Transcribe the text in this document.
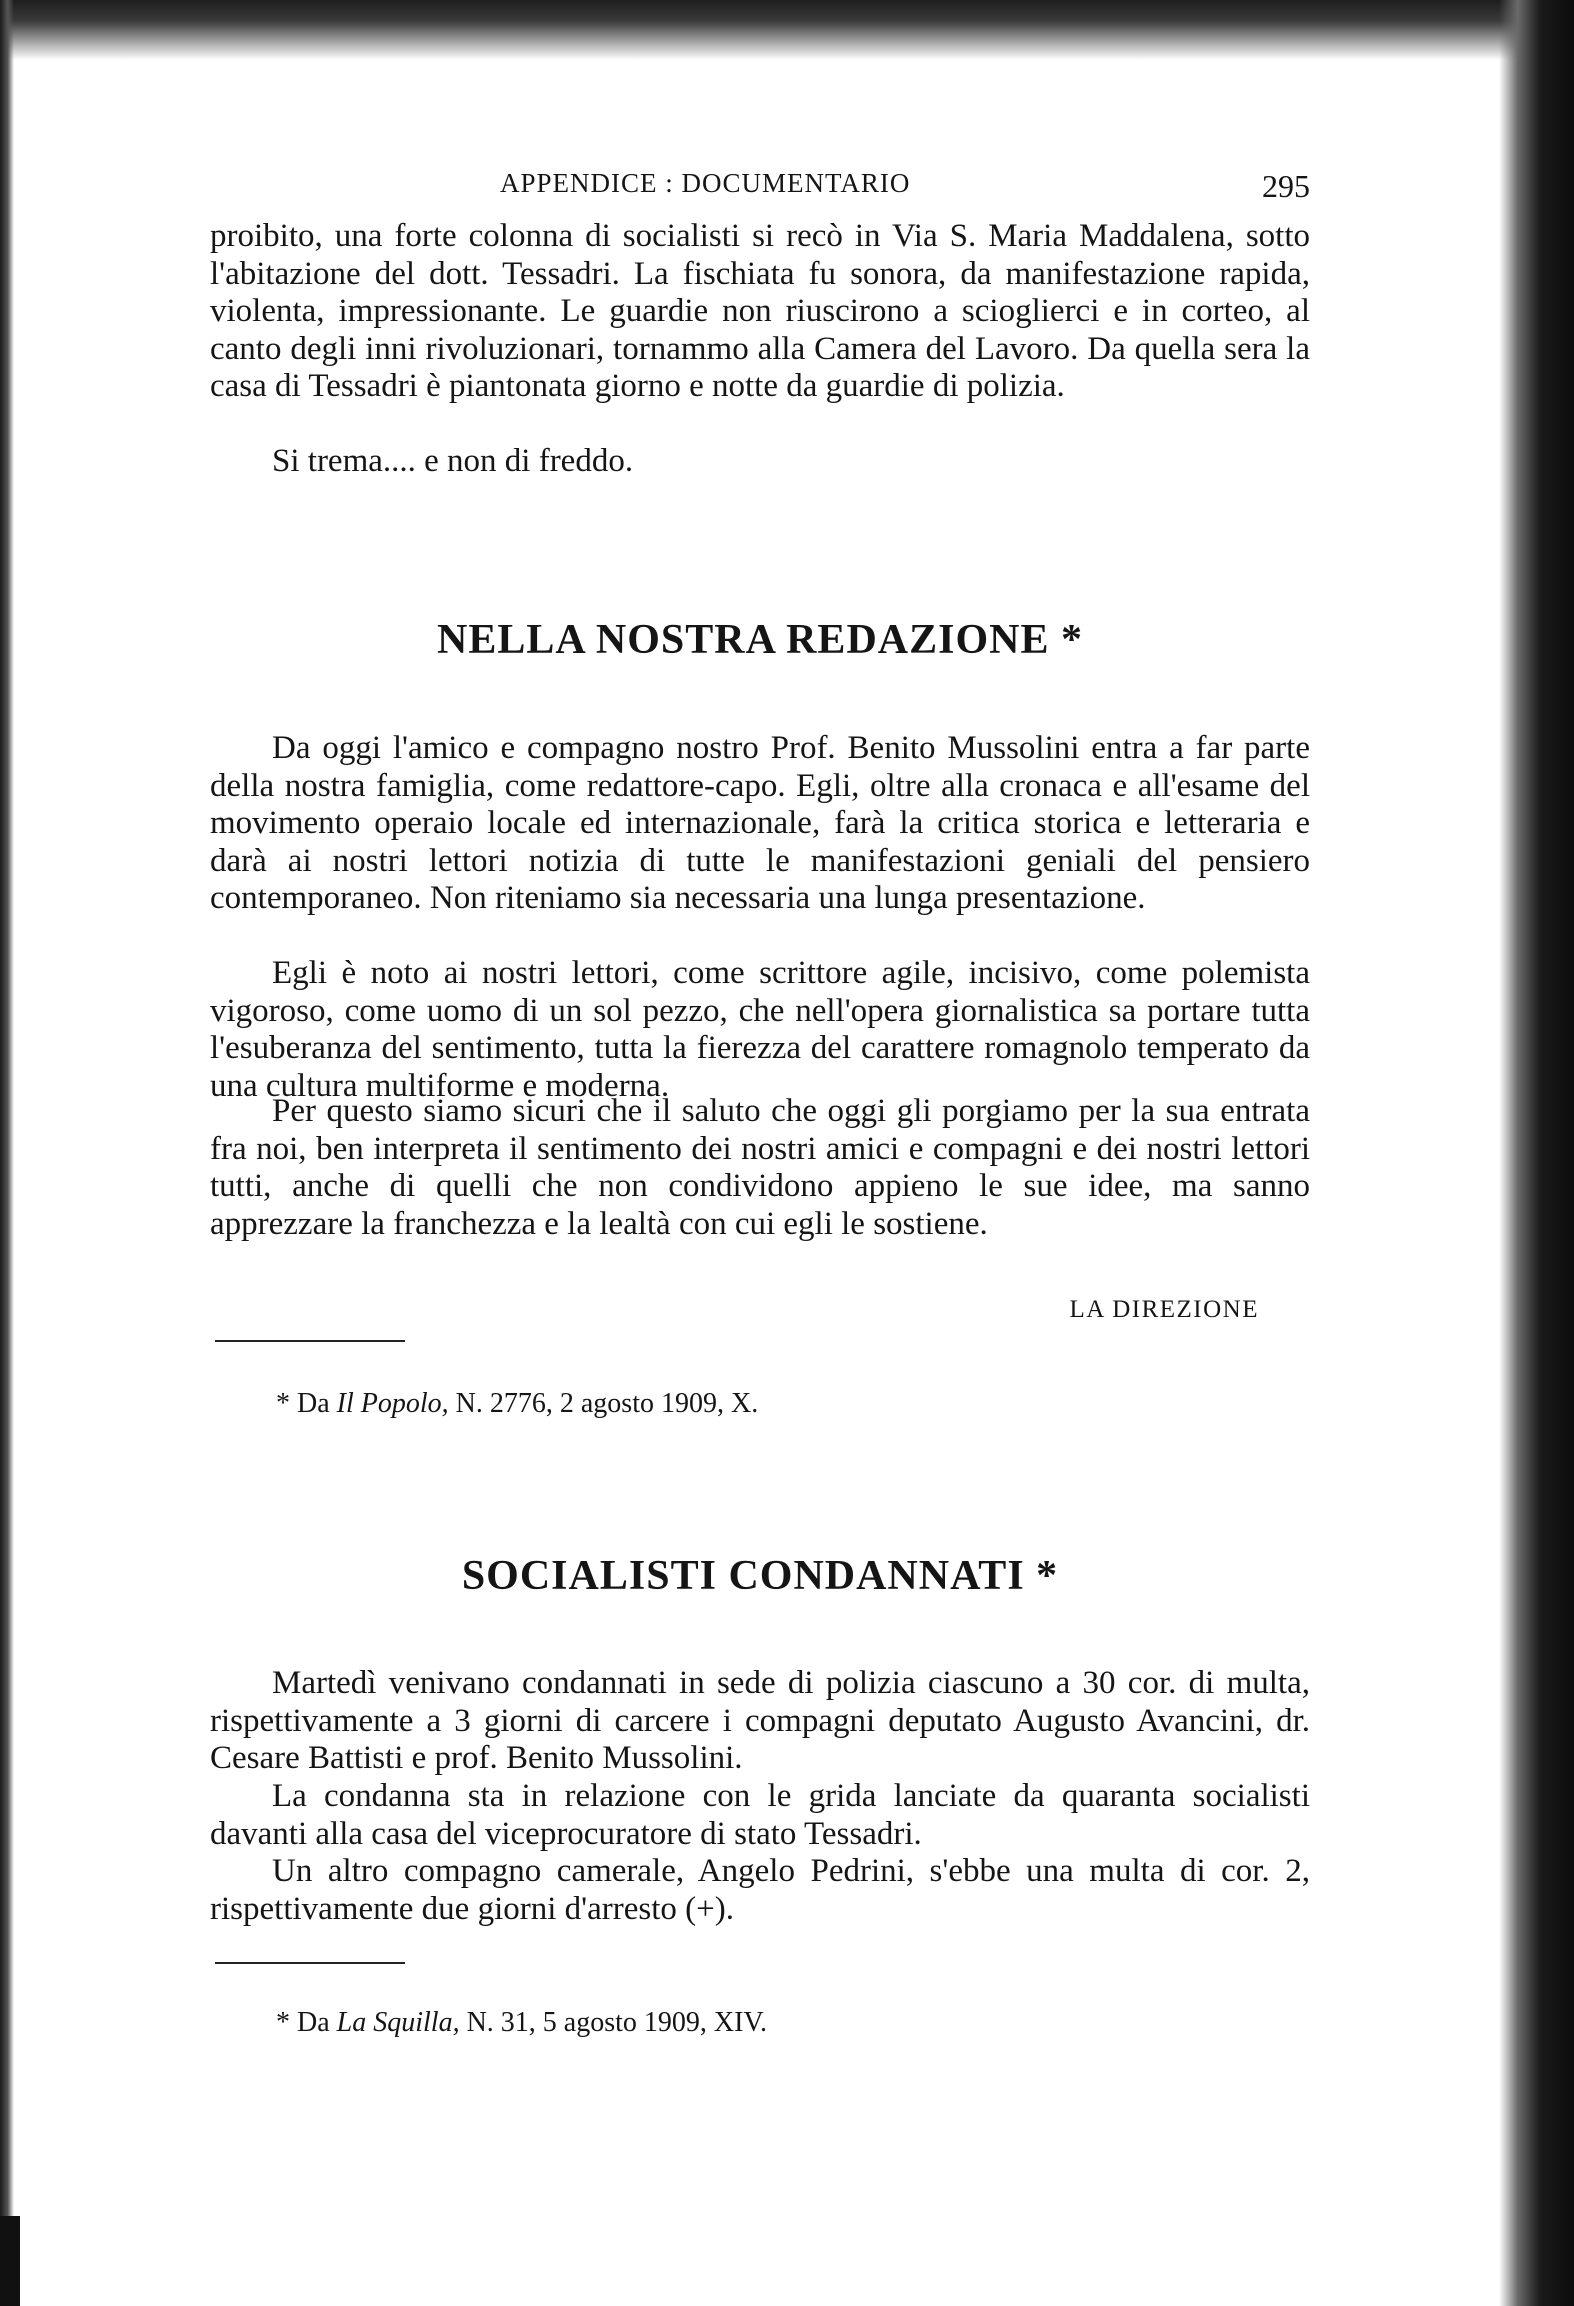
APPENDICE : DOCUMENTARIO	295

proibito, una forte colonna di socialisti si recò in Via S. Maria Maddalena, sotto l'abitazione del dott. Tessadri. La fischiata fu sonora, da manifestazione rapida, violenta, impressionante. Le guardie non riuscirono a scioglierci e in corteo, al canto degli inni rivoluzionari, tornammo alla Camera del Lavoro. Da quella sera la casa di Tessadri è piantonata giorno e notte da guardie di polizia.

Si trema.... e non di freddo.

NELLA NOSTRA REDAZIONE *

Da oggi l'amico e compagno nostro Prof. Benito Mussolini entra a far parte della nostra famiglia, come redattore-capo. Egli, oltre alla cronaca e all'esame del movimento operaio locale ed internazionale, farà la critica storica e letteraria e darà ai nostri lettori notizia di tutte le manifestazioni geniali del pensiero contemporaneo. Non riteniamo sia necessaria una lunga presentazione.

Egli è noto ai nostri lettori, come scrittore agile, incisivo, come polemista vigoroso, come uomo di un sol pezzo, che nell'opera giornalistica sa portare tutta l'esuberanza del sentimento, tutta la fierezza del carattere romagnolo temperato da una cultura multiforme e moderna.

Per questo siamo sicuri che il saluto che oggi gli porgiamo per la sua entrata fra noi, ben interpreta il sentimento dei nostri amici e compagni e dei nostri lettori tutti, anche di quelli che non condividono appieno le sue idee, ma sanno apprezzare la franchezza e la lealtà con cui egli le sostiene.

LA DIREZIONE
* Da Il Popolo, N. 2776, 2 agosto 1909, X.
SOCIALISTI CONDANNATI *

Martedì venivano condannati in sede di polizia ciascuno a 30 cor. di multa, rispettivamente a 3 giorni di carcere i compagni deputato Augusto Avancini, dr. Cesare Battisti e prof. Benito Mussolini.

La condanna sta in relazione con le grida lanciate da quaranta socialisti davanti alla casa del viceprocuratore di stato Tessadri.

Un altro compagno camerale, Angelo Pedrini, s'ebbe una multa di cor. 2, rispettivamente due giorni d'arresto (+).

* Da La Squilla, N. 31, 5 agosto 1909, XIV.
